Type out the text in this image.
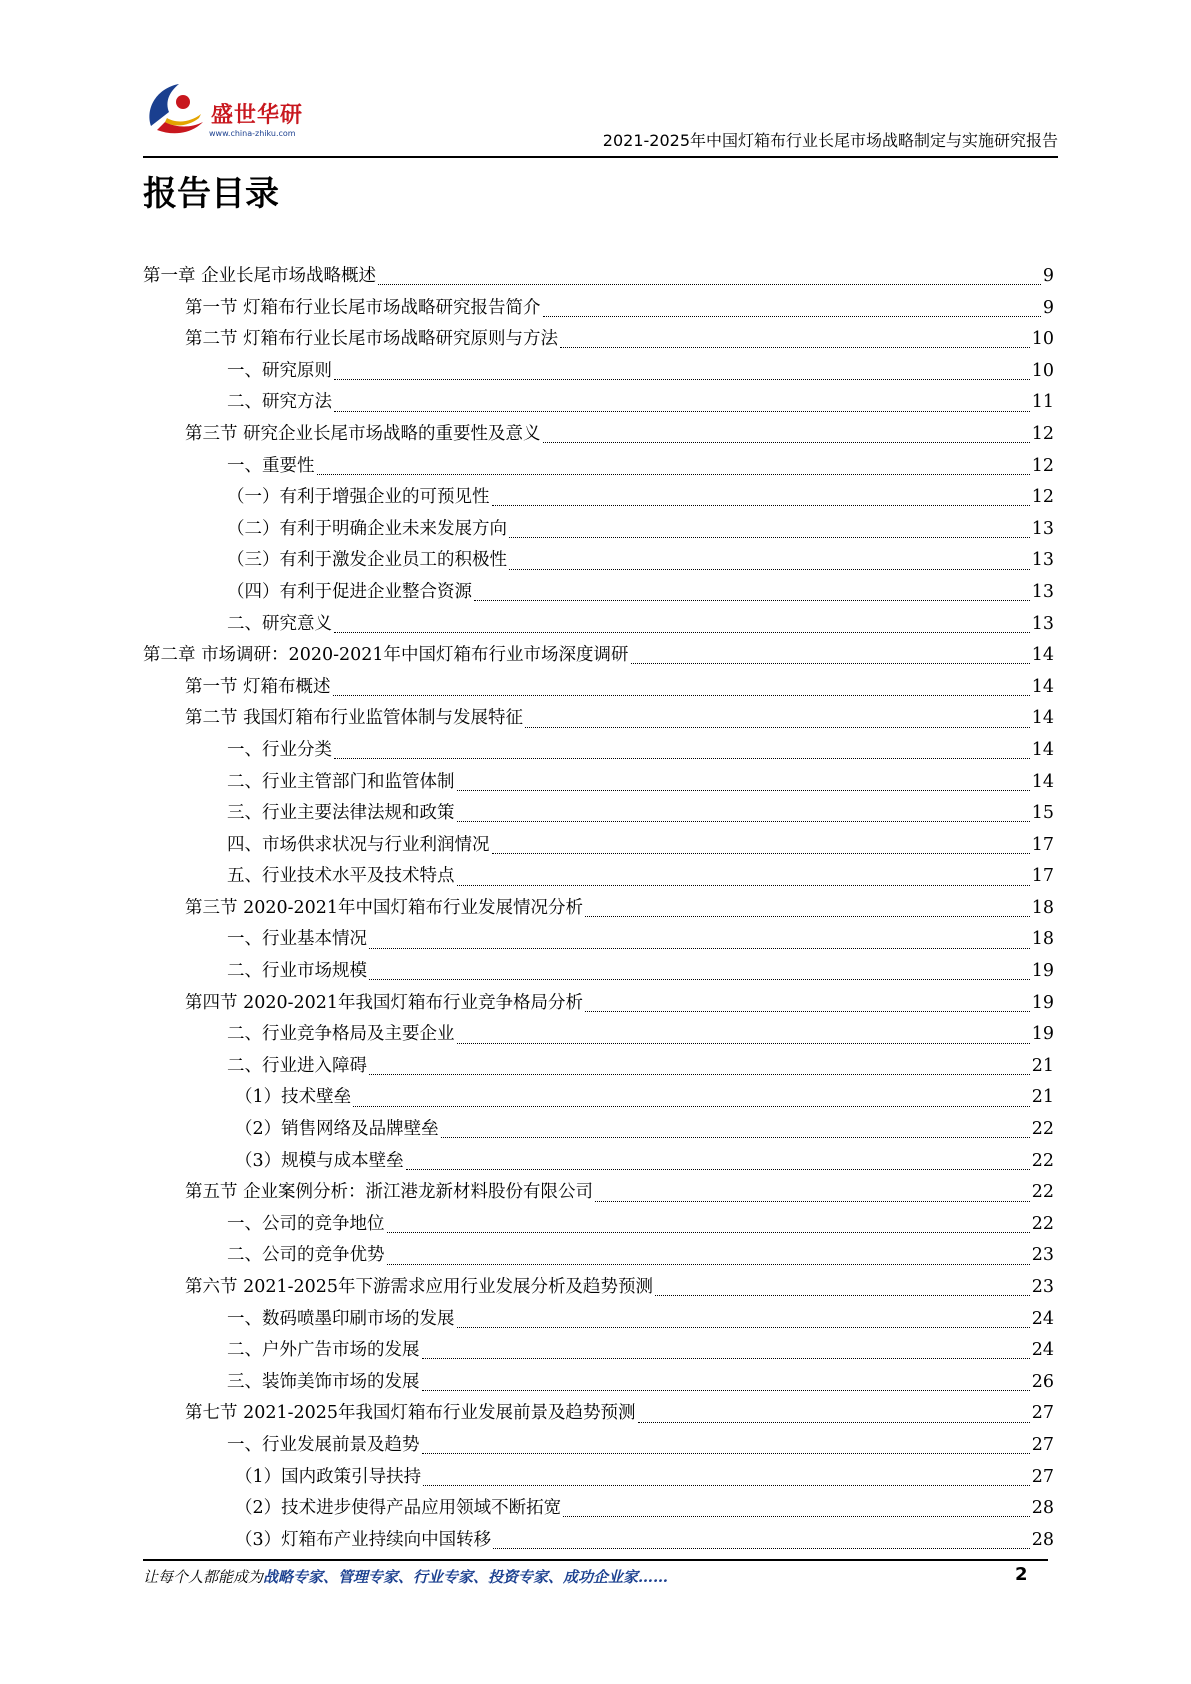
盛世华研
www.china-zhiku.com	2021-2025年中国灯箱布行业长尾市场战略制定与实施研究报告
报告目录
第一章 企业长尾市场战略概述	9
第一节 灯箱布行业长尾市场战略研究报告简介	9
第二节 灯箱布行业长尾市场战略研究原则与方法	10
一、研究原则	10
二、研究方法	11
第三节 研究企业长尾市场战略的重要性及意义	12
一、重要性	12
（一）有利于增强企业的可预见性	12
（二）有利于明确企业未来发展方向	13
（三）有利于激发企业员工的积极性	13
（四）有利于促进企业整合资源	13
二、研究意义	13
第二章 市场调研：2020-2021年中国灯箱布行业市场深度调研	14
第一节 灯箱布概述	14
第二节 我国灯箱布行业监管体制与发展特征	14
一、行业分类	14
二、行业主管部门和监管体制	14
三、行业主要法律法规和政策	15
四、市场供求状况与行业利润情况	17
五、行业技术水平及技术特点	17
第三节 2020-2021年中国灯箱布行业发展情况分析	18
一、行业基本情况	18
二、行业市场规模	19
第四节 2020-2021年我国灯箱布行业竞争格局分析	19
二、行业竞争格局及主要企业	19
二、行业进入障碍	21
（1）技术壁垒	21
（2）销售网络及品牌壁垒	22
（3）规模与成本壁垒	22
第五节 企业案例分析：浙江港龙新材料股份有限公司	22
一、公司的竞争地位	22
二、公司的竞争优势	23
第六节 2021-2025年下游需求应用行业发展分析及趋势预测	23
一、数码喷墨印刷市场的发展	24
二、户外广告市场的发展	24
三、装饰美饰市场的发展	26
第七节 2021-2025年我国灯箱布行业发展前景及趋势预测	27
一、行业发展前景及趋势	27
（1）国内政策引导扶持	27
（2）技术进步使得产品应用领域不断拓宽	28
（3）灯箱布产业持续向中国转移	28
让每个人都能成为战略专家、管理专家、行业专家、投资专家、成功企业家……	2
